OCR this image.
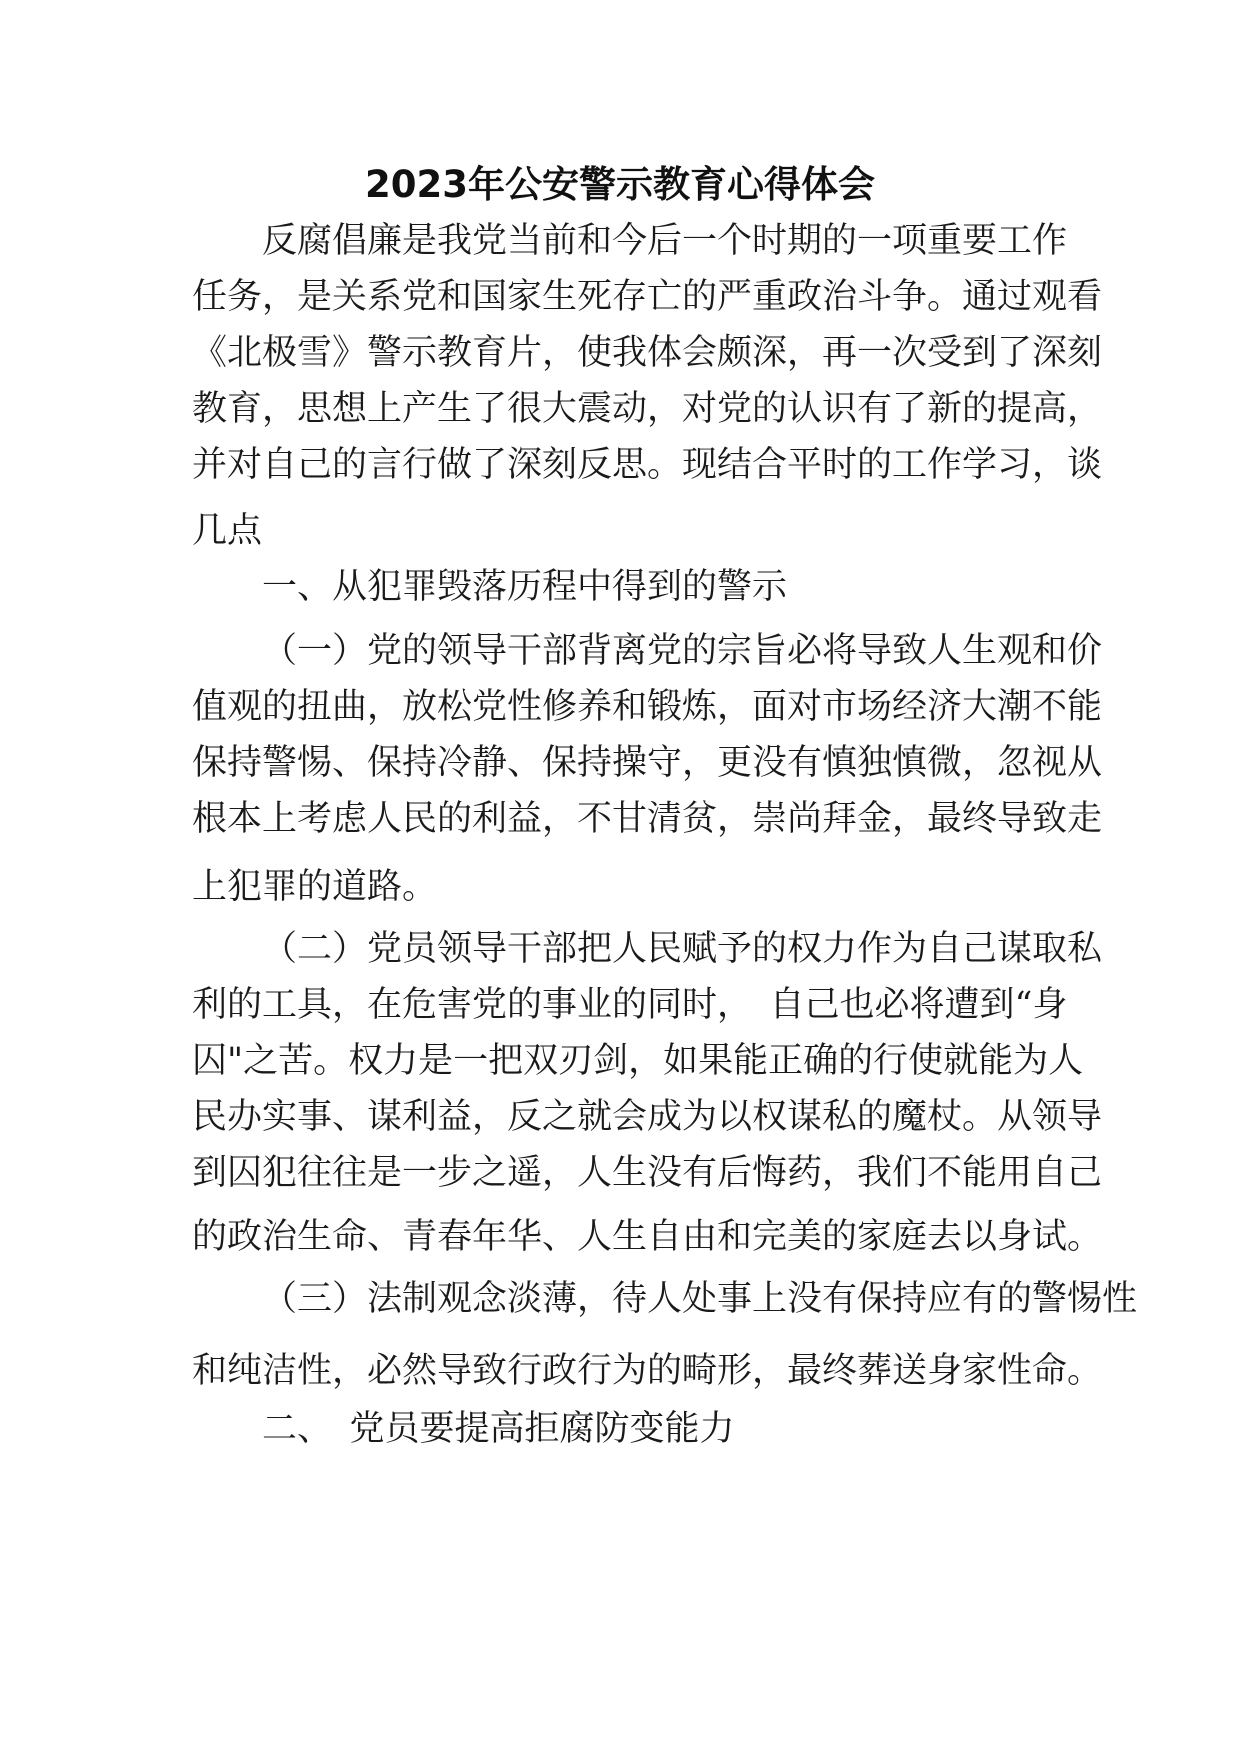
2023年公安警示教育心得体会
反腐倡廉是我党当前和今后一个时期的一项重要工作
任务，是关系党和国家生死存亡的严重政治斗争。通过观看
《北极雪》警示教育片，使我体会颇深，再一次受到了深刻
教育，思想上产生了很大震动，对党的认识有了新的提高，
并对自己的言行做了深刻反思。现结合平时的工作学习，谈
几点
一、从犯罪毁落历程中得到的警示
（一）党的领导干部背离党的宗旨必将导致人生观和价
值观的扭曲，放松党性修养和锻炼，面对市场经济大潮不能
保持警惕、保持冷静、保持操守，更没有慎独慎微，忽视从
根本上考虑人民的利益，不甘清贫，崇尚拜金，最终导致走
上犯罪的道路。
（二）党员领导干部把人民赋予的权力作为自己谋取私
利的工具，在危害党的事业的同时，　自己也必将遭到“身
囚"之苦。权力是一把双刃剑，如果能正确的行使就能为人
民办实事、谋利益，反之就会成为以权谋私的魔杖。从领导
到囚犯往往是一步之遥，人生没有后悔药，我们不能用自己
的政治生命、青春年华、人生自由和完美的家庭去以身试。
（三）法制观念淡薄，待人处事上没有保持应有的警惕性
和纯洁性，必然导致行政行为的畸形，最终葬送身家性命。
二、　党员要提高拒腐防变能力
